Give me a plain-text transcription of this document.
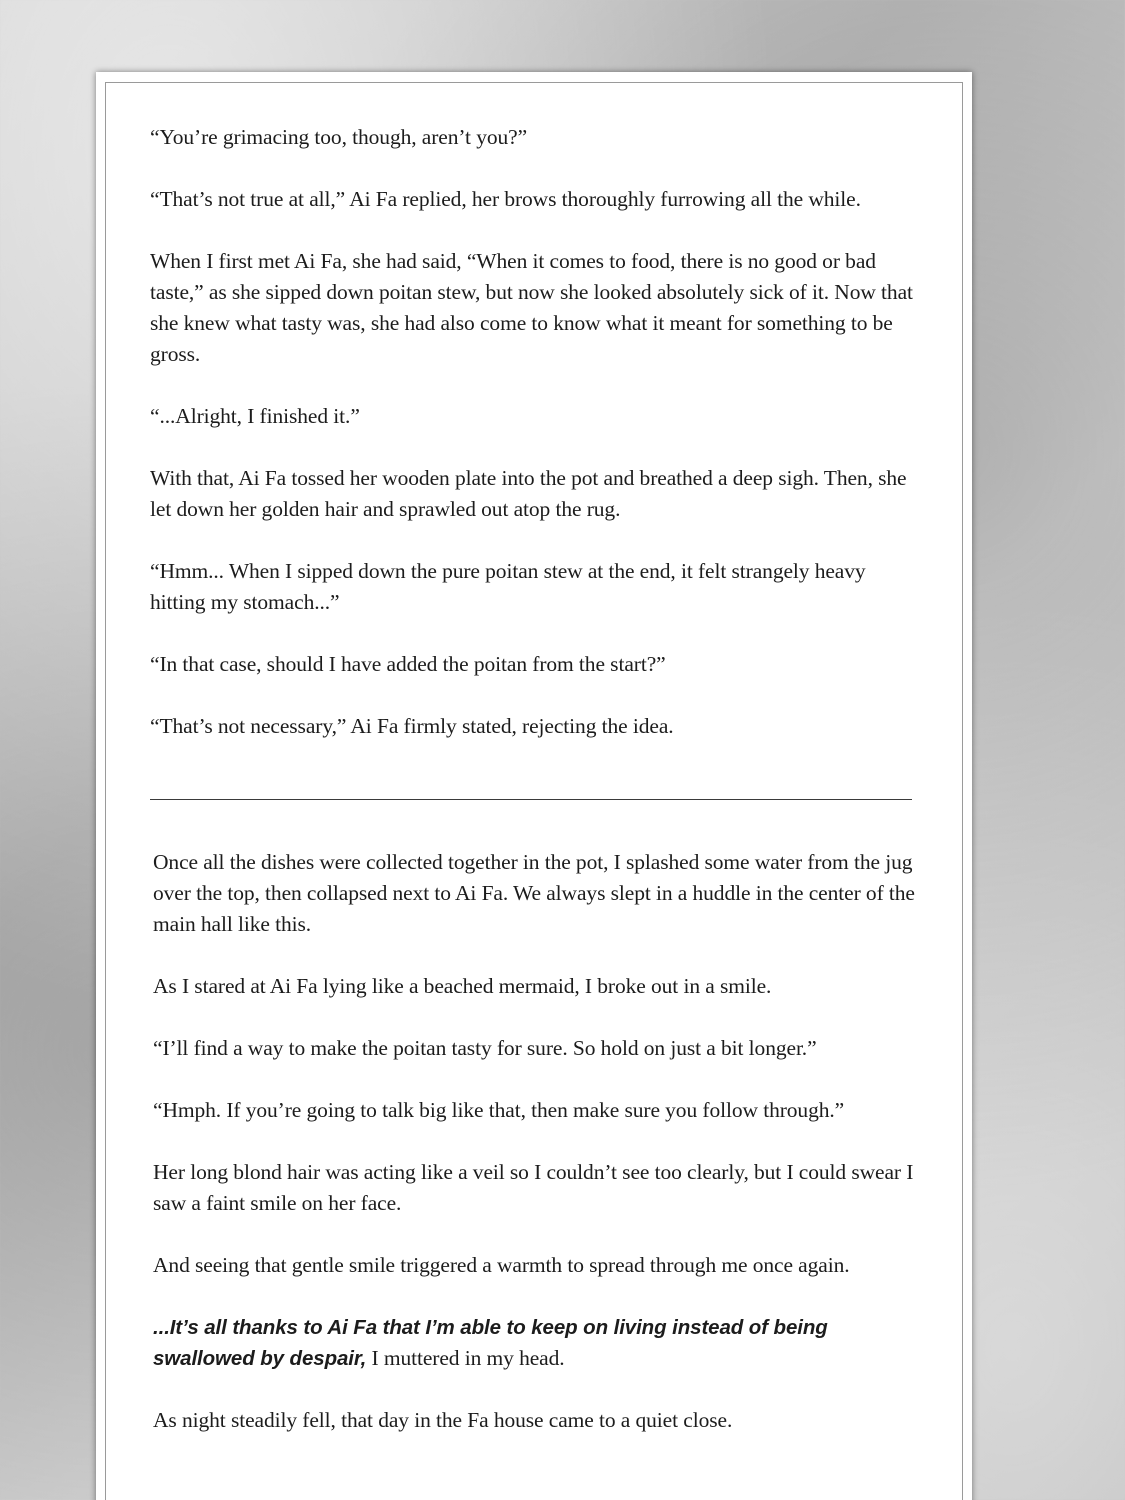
“You’re grimacing too, though, aren’t you?”

“That’s not true at all,” Ai Fa replied, her brows thoroughly furrowing all the while.

When I first met Ai Fa, she had said, “When it comes to food, there is no good or bad taste,” as she sipped down poitan stew, but now she looked absolutely sick of it. Now that she knew what tasty was, she had also come to know what it meant for something to be gross.

“...Alright, I finished it.”

With that, Ai Fa tossed her wooden plate into the pot and breathed a deep sigh. Then, she let down her golden hair and sprawled out atop the rug.

“Hmm... When I sipped down the pure poitan stew at the end, it felt strangely heavy hitting my stomach...”

“In that case, should I have added the poitan from the start?”

“That’s not necessary,” Ai Fa firmly stated, rejecting the idea.

Once all the dishes were collected together in the pot, I splashed some water from the jug over the top, then collapsed next to Ai Fa. We always slept in a huddle in the center of the main hall like this.

As I stared at Ai Fa lying like a beached mermaid, I broke out in a smile.

“I’ll find a way to make the poitan tasty for sure. So hold on just a bit longer.”

“Hmph. If you’re going to talk big like that, then make sure you follow through.”

Her long blond hair was acting like a veil so I couldn’t see too clearly, but I could swear I saw a faint smile on her face.

And seeing that gentle smile triggered a warmth to spread through me once again.

...It’s all thanks to Ai Fa that I’m able to keep on living instead of being swallowed by despair, I muttered in my head.

As night steadily fell, that day in the Fa house came to a quiet close.
